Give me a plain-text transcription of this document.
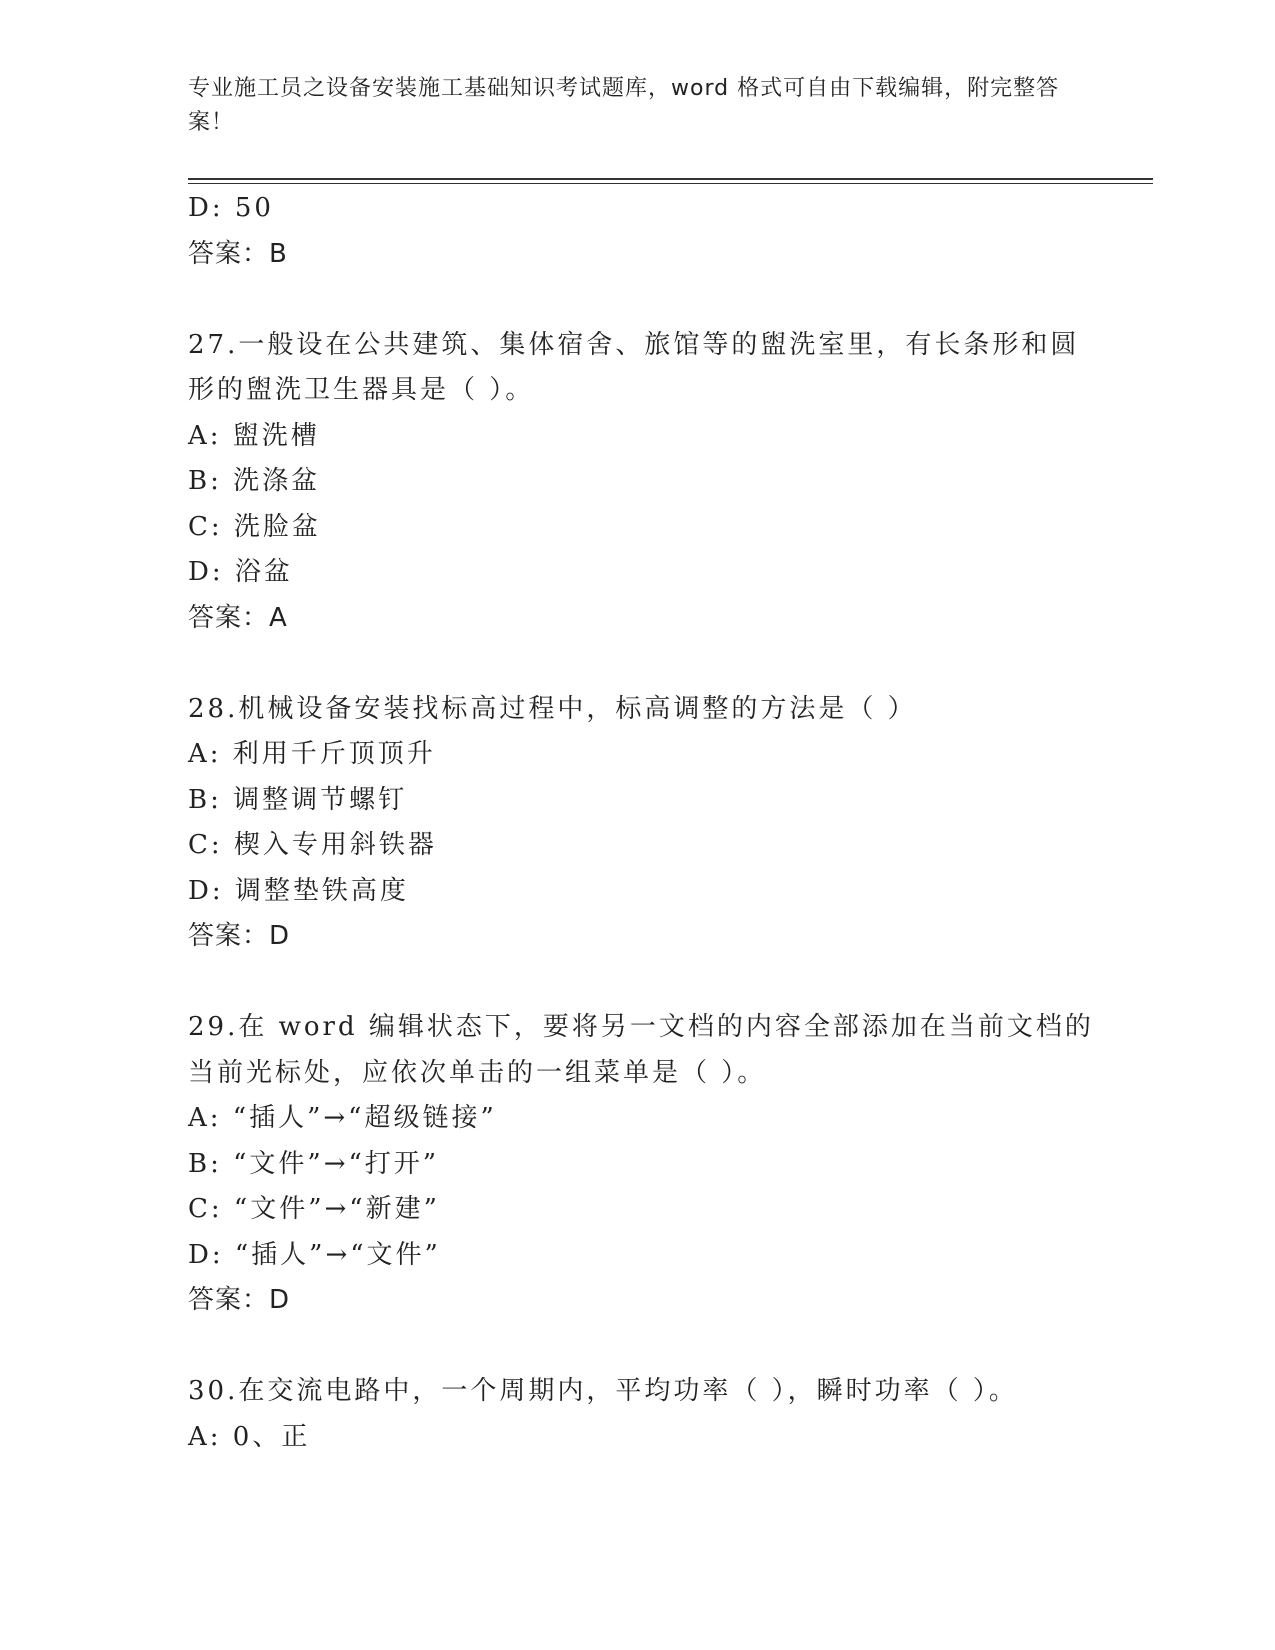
专业施工员之设备安装施工基础知识考试题库，word 格式可自由下载编辑，附完整答案！
D: 50
答案：B
27.一般设在公共建筑、集体宿舍、旅馆等的盥洗室里，有长条形和圆
形的盥洗卫生器具是（ ）。
A: 盥洗槽
B: 洗涤盆
C: 洗脸盆
D: 浴盆
答案：A
28.机械设备安装找标高过程中，标高调整的方法是（ ）
A: 利用千斤顶顶升
B: 调整调节螺钉
C: 楔入专用斜铁器
D: 调整垫铁高度
答案：D
29.在 word 编辑状态下，要将另一文档的内容全部添加在当前文档的
当前光标处，应依次单击的一组菜单是（ ）。
A: “插人”→“超级链接”
B: “文件”→“打开”
C: “文件”→“新建”
D: “插人”→“文件”
答案：D
30.在交流电路中，一个周期内，平均功率（ ），瞬时功率（ ）。
A: 0、正
